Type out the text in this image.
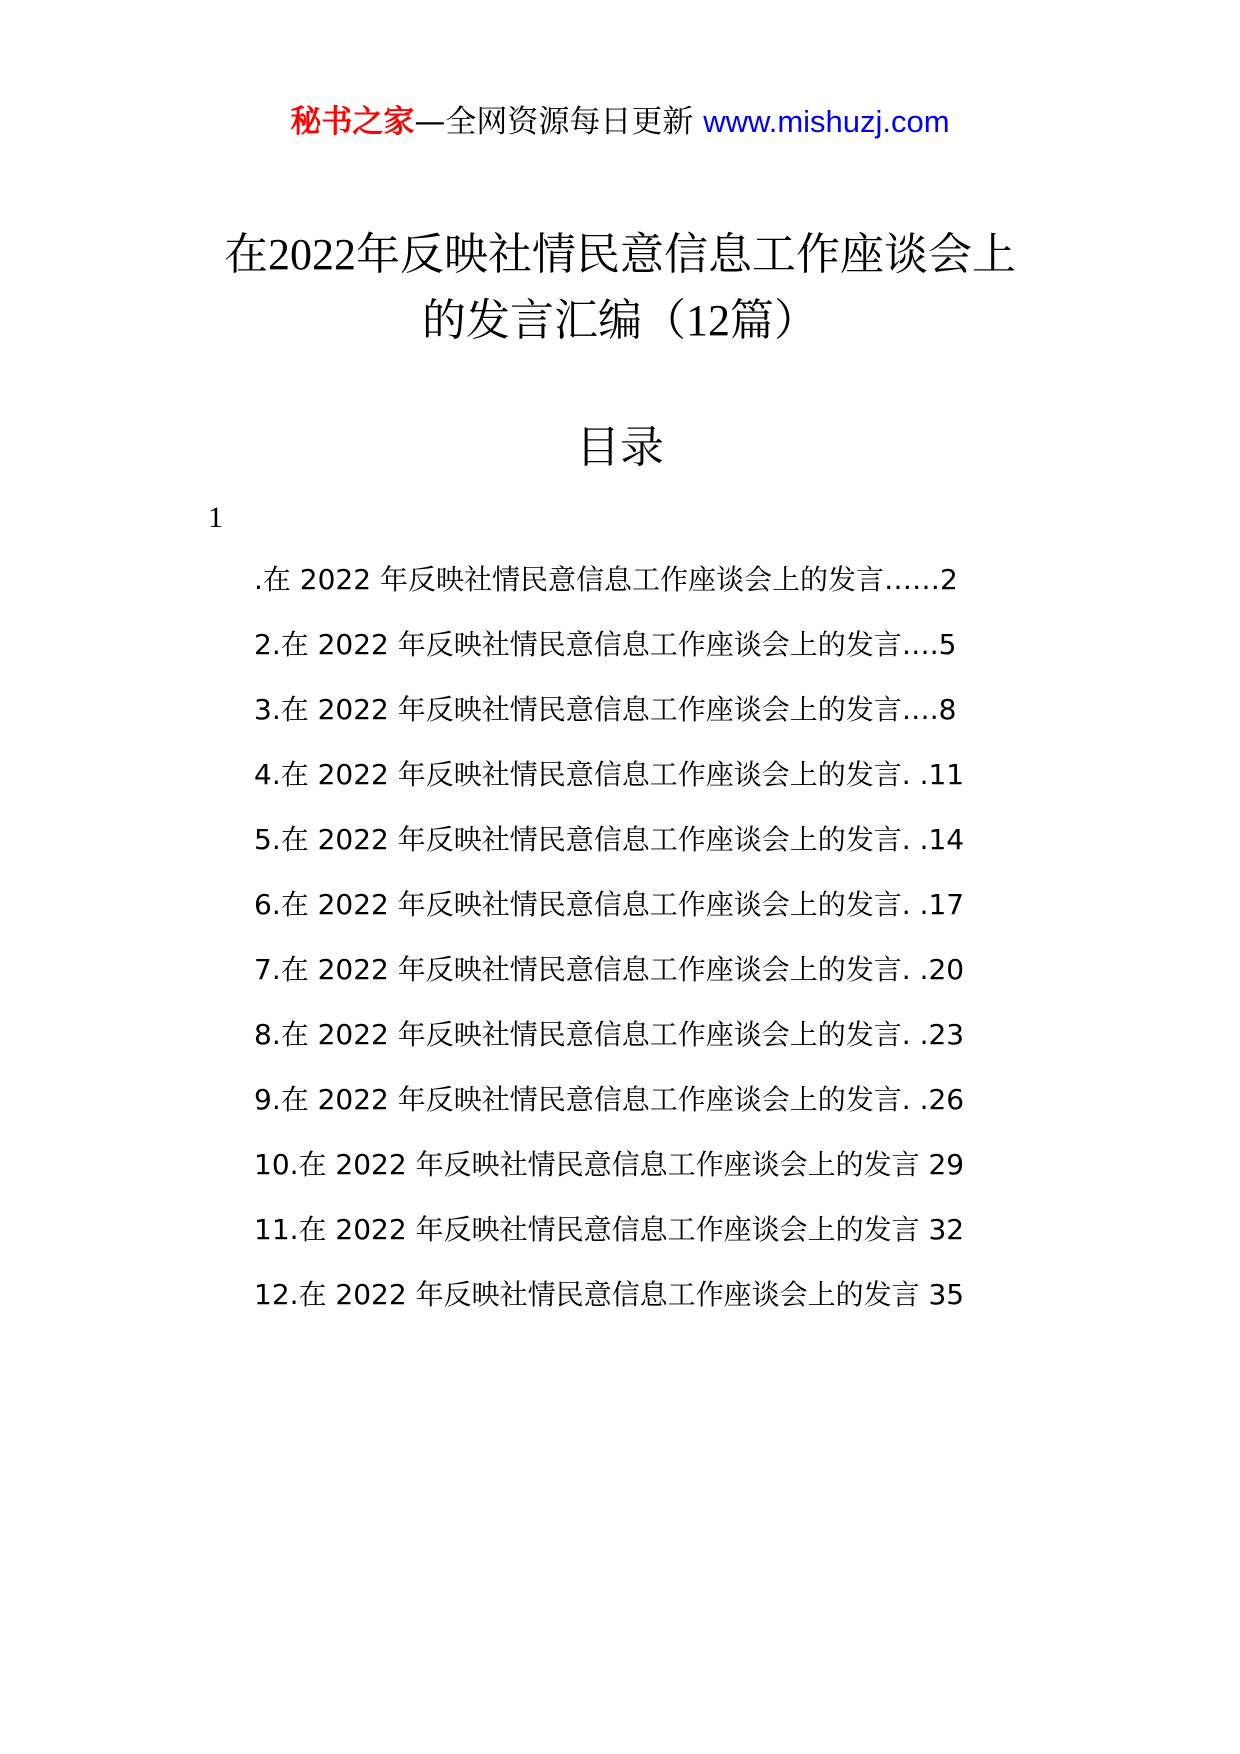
秘书之家—全网资源每日更新 www.mishuzj.com
在2022年反映社情民意信息工作座谈会上
的发言汇编（12篇）
目录
1
.在 2022 年反映社情民意信息工作座谈会上的发言……2
2.在 2022 年反映社情民意信息工作座谈会上的发言….5
3.在 2022 年反映社情民意信息工作座谈会上的发言….8
4.在 2022 年反映社情民意信息工作座谈会上的发言. .11
5.在 2022 年反映社情民意信息工作座谈会上的发言. .14
6.在 2022 年反映社情民意信息工作座谈会上的发言. .17
7.在 2022 年反映社情民意信息工作座谈会上的发言. .20
8.在 2022 年反映社情民意信息工作座谈会上的发言. .23
9.在 2022 年反映社情民意信息工作座谈会上的发言. .26
10.在 2022 年反映社情民意信息工作座谈会上的发言 29
11.在 2022 年反映社情民意信息工作座谈会上的发言 32
12.在 2022 年反映社情民意信息工作座谈会上的发言 35
